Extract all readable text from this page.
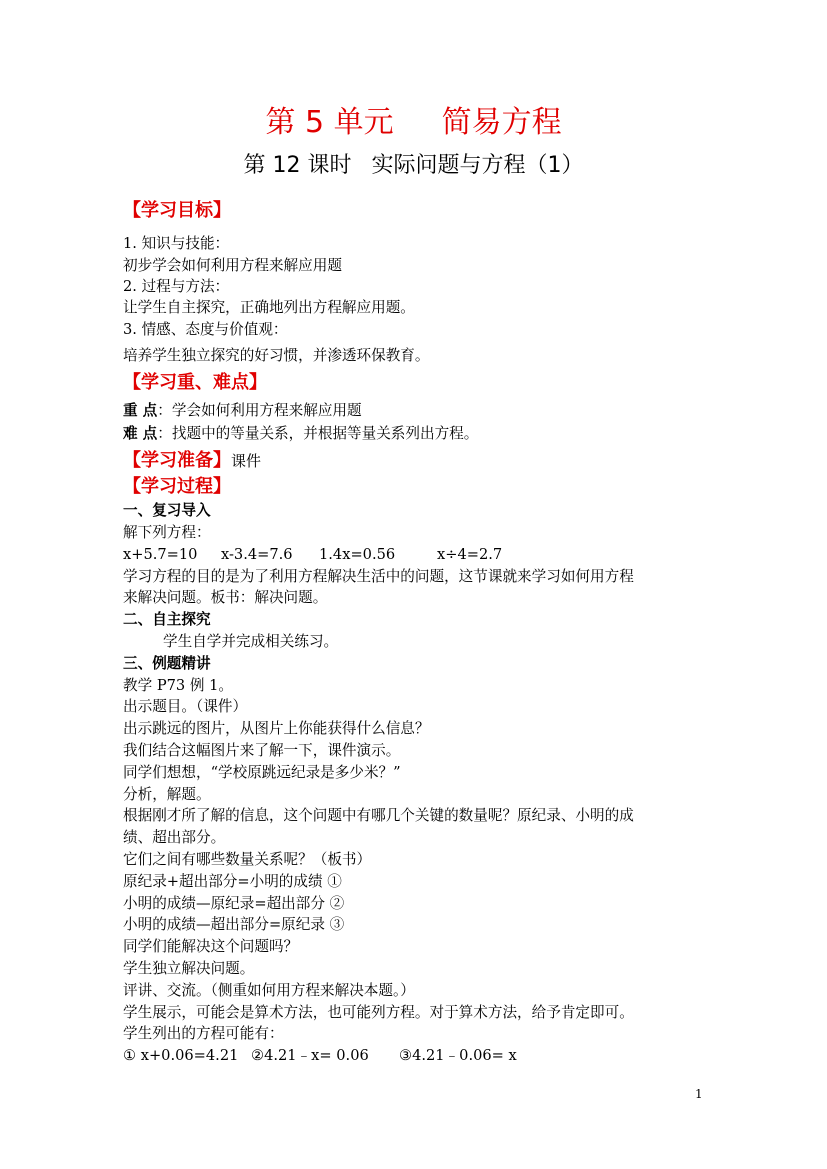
第 5 单元 简易方程
第 12 课时 实际问题与方程（1）
【学习目标】
1. 知识与技能：
初步学会如何利用方程来解应用题
2. 过程与方法：
让学生自主探究，正确地列出方程解应用题。
3. 情感、态度与价值观：
培养学生独立探究的好习惯，并渗透环保教育。
【学习重、难点】
重 点：学会如何利用方程来解应用题
难 点：找题中的等量关系，并根据等量关系列出方程。
【学习准备】课件
【学习过程】
一、复习导入
解下列方程：
x+5.7=10 x-3.4=7.6 1.4x=0.56	x÷4=2.7
学习方程的目的是为了利用方程解决生活中的问题，这节课就来学习如何用方程
来解决问题。板书：解决问题。
二、自主探究
学生自学并完成相关练习。
三、例题精讲
教学 P73 例 1。
出示题目。（课件）
出示跳远的图片，从图片上你能获得什么信息？
我们结合这幅图片来了解一下，课件演示。
同学们想想，“学校原跳远纪录是多少米？”
分析，解题。
根据刚才所了解的信息，这个问题中有哪几个关键的数量呢？原纪录、小明的成
绩、超出部分。
它们之间有哪些数量关系呢？（板书）
原纪录+超出部分=小明的成绩 ①
小明的成绩—原纪录=超出部分 ②
小明的成绩—超出部分=原纪录 ③
同学们能解决这个问题吗？
学生独立解决问题。
评讲、交流。（侧重如何用方程来解决本题。）
学生展示，可能会是算术方法，也可能列方程。对于算术方法，给予肯定即可。
学生列出的方程可能有：
① x+0.06=4.21 ②4.21﹣x= 0.06 ③4.21﹣0.06= x
1
